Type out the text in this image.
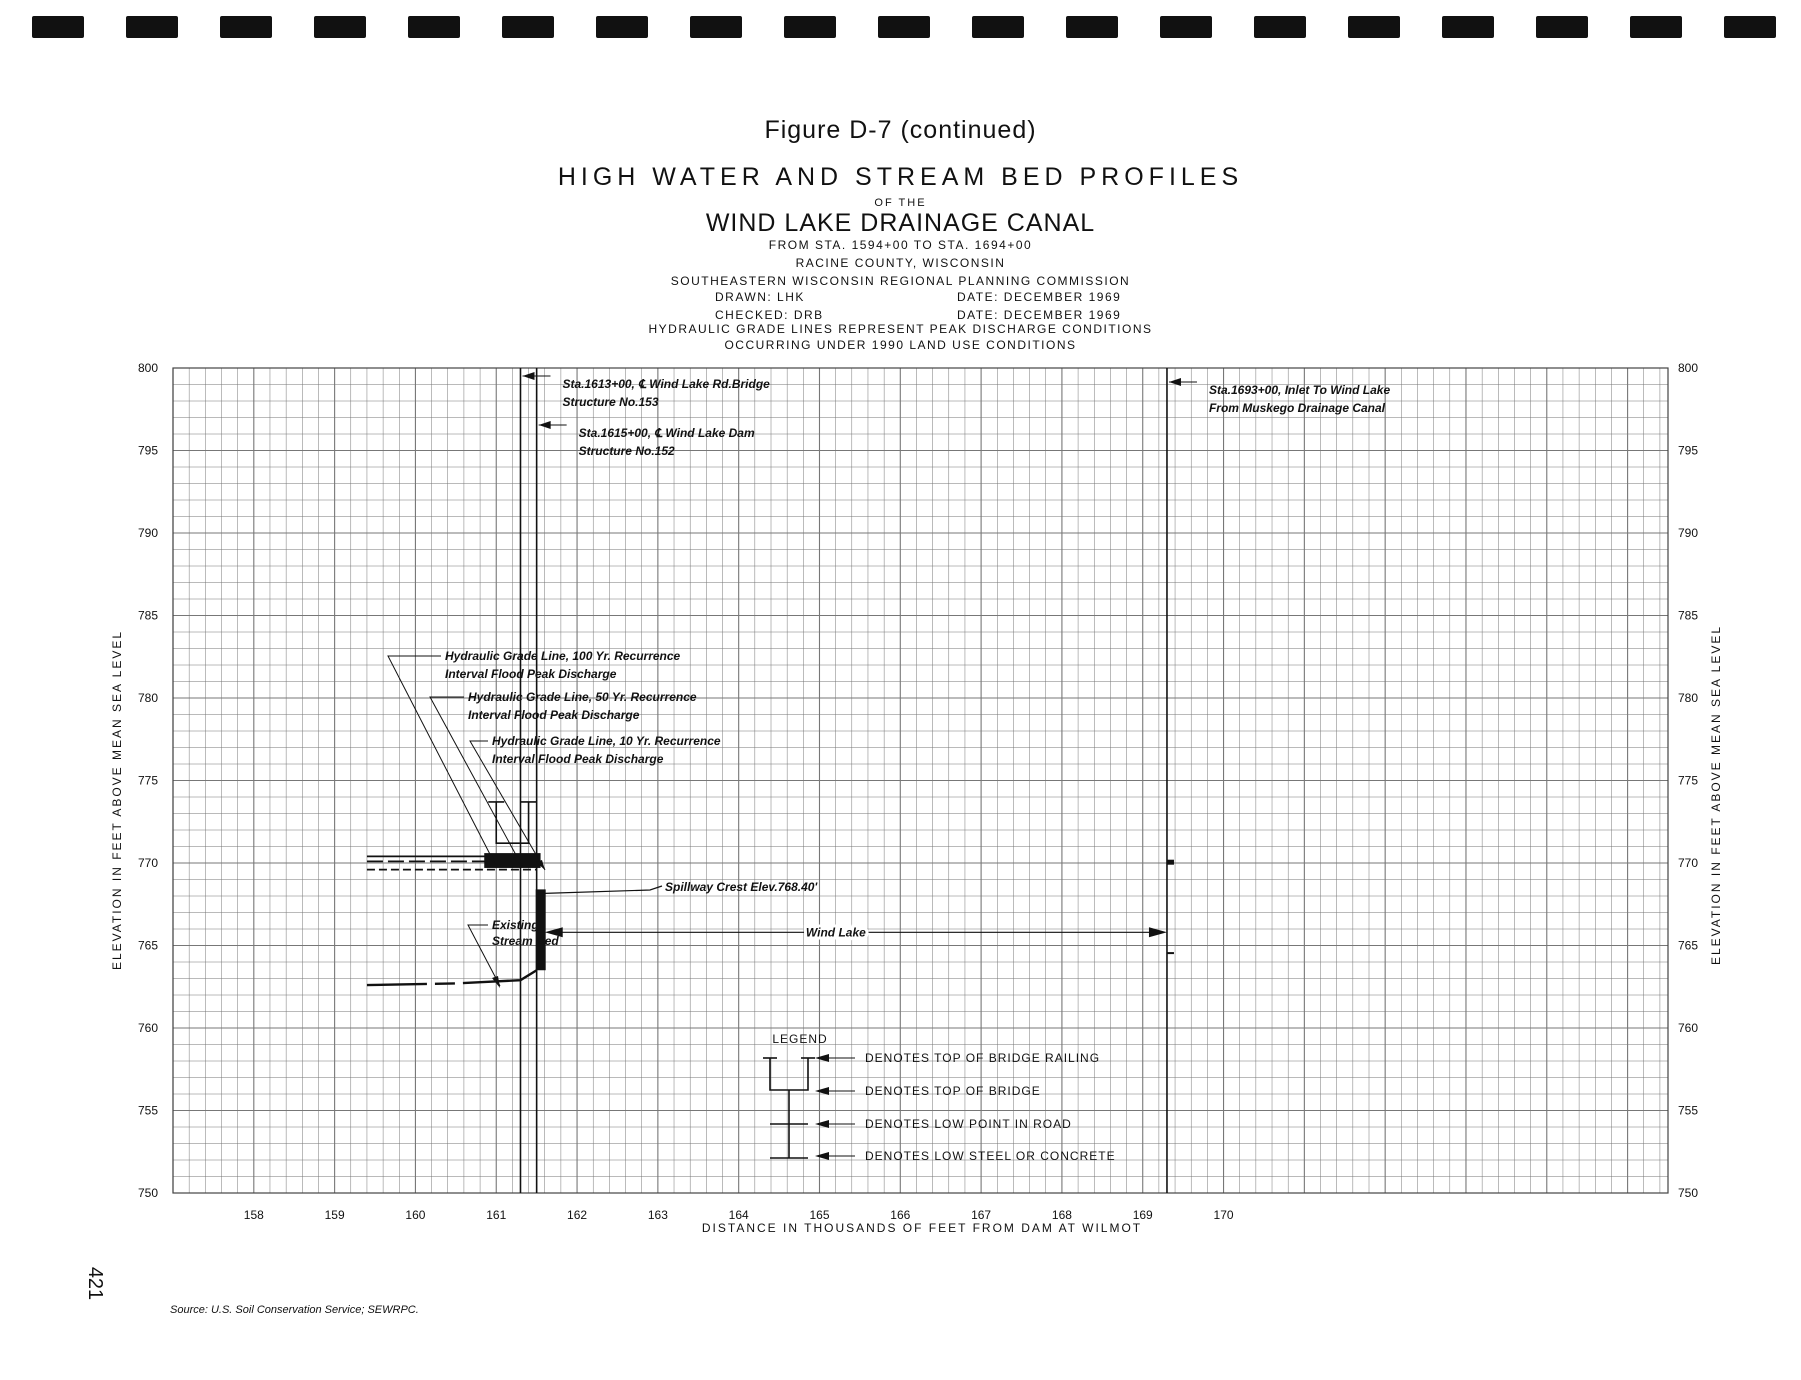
Figure D-7 (continued)
HIGH WATER AND STREAM BED PROFILES
OF THE
WIND LAKE DRAINAGE CANAL
FROM STA. 1594+00 TO STA. 1694+00
RACINE COUNTY, WISCONSIN
SOUTHEASTERN WISCONSIN REGIONAL PLANNING COMMISSION
DRAWN: LHK	DATE: DECEMBER 1969
CHECKED: DRB	DATE: DECEMBER 1969
HYDRAULIC GRADE LINES REPRESENT PEAK DISCHARGE CONDITIONS
OCCURRING UNDER 1990 LAND USE CONDITIONS
750	750
755	755
760	760
765	765
770	770
775	775
780	780
785	785
790	790
795	795
800	800
158	159	160	161	162	163	164	165	166	167	168	169	170
DISTANCE IN THOUSANDS OF FEET FROM DAM AT WILMOT
ELEVATION IN FEET ABOVE MEAN SEA LEVEL	ELEVATION IN FEET ABOVE MEAN SEA LEVEL
Wind Lake
Sta.1613+00, ℄ Wind Lake Rd.Bridge
Structure No.153
Sta.1615+00, ℄ Wind Lake Dam
Structure No.152
Sta.1693+00, Inlet To Wind Lake
From Muskego Drainage Canal
Hydraulic Grade Line, 100 Yr. Recurrence
Interval Flood Peak Discharge
Hydraulic Grade Line, 50 Yr. Recurrence
Interval Flood Peak Discharge
Hydraulic Grade Line, 10 Yr. Recurrence
Interval Flood Peak Discharge
Spillway Crest Elev.768.40'
Existing
Stream Bed
LEGEND
DENOTES TOP OF BRIDGE RAILING
DENOTES TOP OF BRIDGE
DENOTES LOW POINT IN ROAD
DENOTES LOW STEEL OR CONCRETE
421
Source: U.S. Soil Conservation Service; SEWRPC.
